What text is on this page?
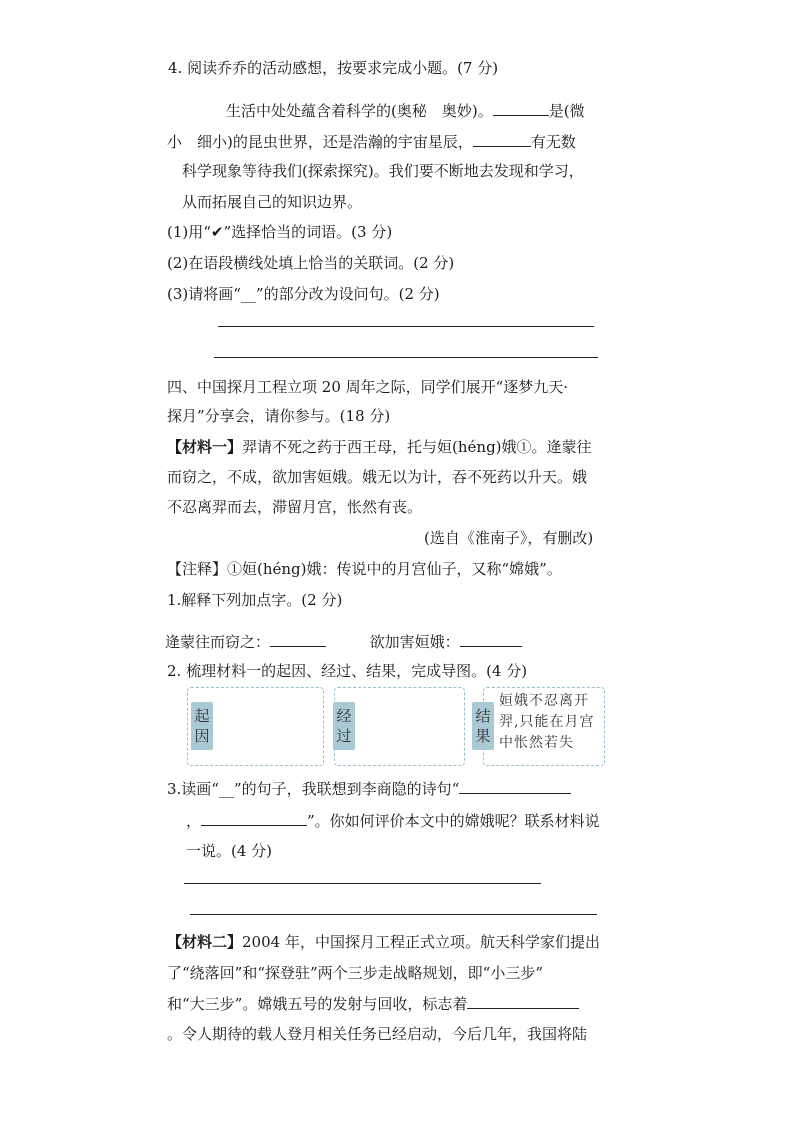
4. 阅读乔乔的活动感想，按要求完成小题。(7 分)
生活中处处蕴含着科学的(奥秘　奥妙)。	是(微
小　细小)的昆虫世界，还是浩瀚的宇宙星辰，	有无数
科学现象等待我们(探索探究)。我们要不断地去发现和学习，
从而拓展自己的知识边界。
(1)用“✔”选择恰当的词语。(3 分)
(2)在语段横线处填上恰当的关联词。(2 分)
(3)请将画“__”的部分改为设问句。(2 分)
四、中国探月工程立项 20 周年之际，同学们展开“逐梦九天·
探月”分享会，请你参与。(18 分)
【材料一】羿请不死之药于西王母，托与姮(héng)娥①。逄蒙往
而窃之，不成，欲加害姮娥。娥无以为计，吞不死药以升天。娥
不忍离羿而去，滞留月宫，怅然有丧。
(选自《淮南子》，有删改)
【注释】①姮(héng)娥：传说中的月宫仙子，又称“嫦娥”。
1.解释下列加点字。(2 分)
逄蒙往而窃之：	欲加害姮娥：
2. 梳理材料一的起因、经过、结果，完成导图。(4 分)
起因
经过
结果
姮娥不忍离开
羿,只能在月宫
中怅然若失
3.读画“__”的句子，我联想到李商隐的诗句“
，	”。你如何评价本文中的嫦娥呢？联系材料说
一说。(4 分)
【材料二】2004 年，中国探月工程正式立项。航天科学家们提出
了“绕落回”和“探登驻”两个三步走战略规划，即“小三步”
和“大三步”。嫦娥五号的发射与回收，标志着
。令人期待的载人登月相关任务已经启动，今后几年，我国将陆
